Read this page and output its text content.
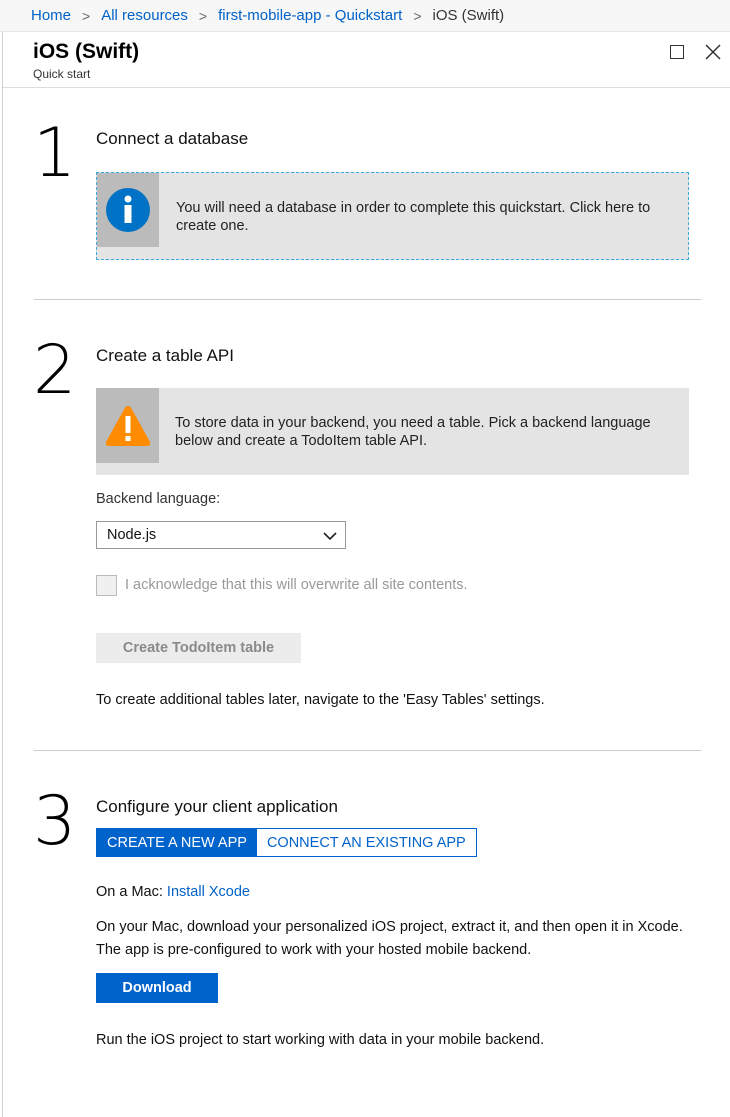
Home > All resources > first-mobile-app - Quickstart > iOS (Swift)
iOS (Swift)
Quick start
1 Connect a database
You will need a database in order to complete this quickstart. Click here to create one.
2 Create a table API
To store data in your backend, you need a table. Pick a backend language below and create a TodoItem table API.
Backend language:
Node.js
I acknowledge that this will overwrite all site contents.
Create TodoItem table
To create additional tables later, navigate to the 'Easy Tables' settings.
3 Configure your client application
CREATE A NEW APP	CONNECT AN EXISTING APP
On a Mac: Install Xcode
On your Mac, download your personalized iOS project, extract it, and then open it in Xcode. The app is pre-configured to work with your hosted mobile backend.
Download
Run the iOS project to start working with data in your mobile backend.
